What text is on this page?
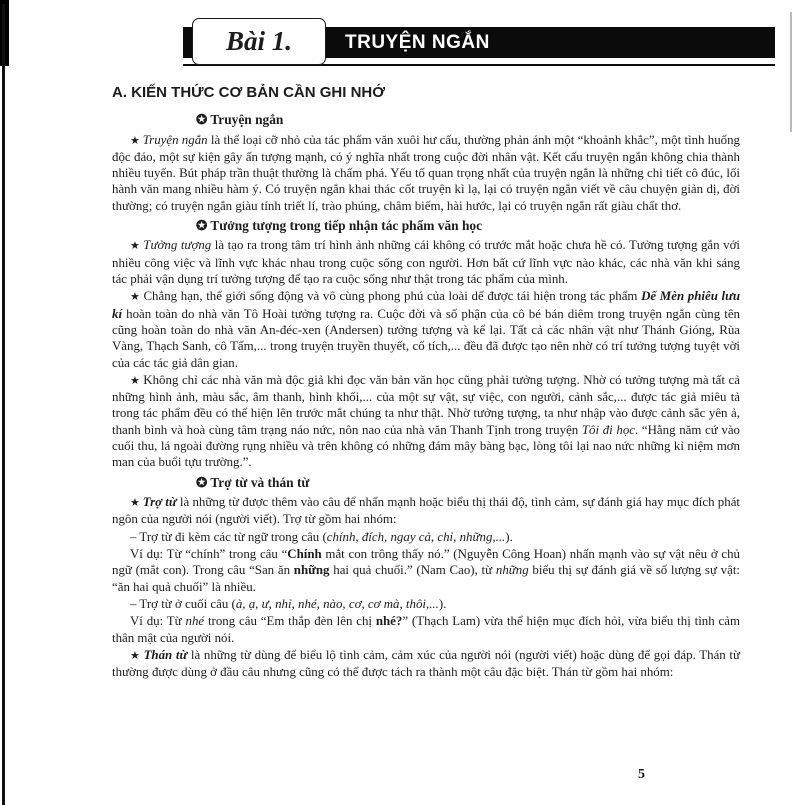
Bài 1.	TRUYỆN NGẮN
A. KIẾN THỨC CƠ BẢN CẦN GHI NHỚ
✪ Truyện ngắn
★ Truyện ngắn là thể loại cỡ nhỏ của tác phẩm văn xuôi hư cấu, thường phản ánh một “khoảnh khắc”, một tình huống độc đáo, một sự kiện gây ấn tượng mạnh, có ý nghĩa nhất trong cuộc đời nhân vật. Kết cấu truyện ngắn không chia thành nhiều tuyến. Bút pháp trần thuật thường là chấm phá. Yếu tố quan trọng nhất của truyện ngắn là những chi tiết cô đúc, lối hành văn mang nhiều hàm ý. Có truyện ngắn khai thác cốt truyện kì lạ, lại có truyện ngắn viết về câu chuyện giản dị, đời thường; có truyện ngắn giàu tính triết lí, trào phúng, châm biếm, hài hước, lại có truyện ngắn rất giàu chất thơ.
✪ Tưởng tượng trong tiếp nhận tác phẩm văn học
★ Tưởng tượng là tạo ra trong tâm trí hình ảnh những cái không có trước mắt hoặc chưa hề có. Tưởng tượng gắn với nhiều công việc và lĩnh vực khác nhau trong cuộc sống con người. Hơn bất cứ lĩnh vực nào khác, các nhà văn khi sáng tác phải vận dụng trí tưởng tượng để tạo ra cuộc sống như thật trong tác phẩm của mình.
★ Chẳng hạn, thế giới sống động và vô cùng phong phú của loài dế được tái hiện trong tác phẩm Dế Mèn phiêu lưu kí hoàn toàn do nhà văn Tô Hoài tưởng tượng ra. Cuộc đời và số phận của cô bé bán diêm trong truyện ngắn cùng tên cũng hoàn toàn do nhà văn An-đéc-xen (Andersen) tưởng tượng và kể lại. Tất cả các nhân vật như Thánh Gióng, Rùa Vàng, Thạch Sanh, cô Tấm,... trong truyện truyền thuyết, cổ tích,... đều đã được tạo nên nhờ có trí tưởng tượng tuyệt vời của các tác giả dân gian.
★ Không chỉ các nhà văn mà độc giả khi đọc văn bản văn học cũng phải tưởng tượng. Nhờ có tưởng tượng mà tất cả những hình ảnh, màu sắc, âm thanh, hình khối,... của một sự vật, sự việc, con người, cảnh sắc,... được tác giả miêu tả trong tác phẩm đều có thể hiện lên trước mắt chúng ta như thật. Nhờ tưởng tượng, ta như nhập vào được cảnh sắc yên ả, thanh bình và hoà cùng tâm trạng náo nức, nôn nao của nhà văn Thanh Tịnh trong truyện Tôi đi học. “Hằng năm cứ vào cuối thu, lá ngoài đường rụng nhiều và trên không có những đám mây bàng bạc, lòng tôi lại nao nức những kỉ niệm mơn man của buổi tựu trường.”.
✪ Trợ từ và thán từ
★ Trợ từ là những từ được thêm vào câu để nhấn mạnh hoặc biểu thị thái độ, tình cảm, sự đánh giá hay mục đích phát ngôn của người nói (người viết). Trợ từ gồm hai nhóm:
– Trợ từ đi kèm các từ ngữ trong câu (chính, đích, ngay cả, chỉ, những,...).
Ví dụ: Từ “chính” trong câu “Chính mắt con trông thấy nó.” (Nguyễn Công Hoan) nhấn mạnh vào sự vật nêu ở chủ ngữ (mắt con). Trong câu “San ăn những hai quả chuối.” (Nam Cao), từ những biểu thị sự đánh giá về số lượng sự vật: “ăn hai quả chuối” là nhiều.
– Trợ từ ở cuối câu (à, ạ, ư, nhỉ, nhé, nào, cơ, cơ mà, thôi,...).
Ví dụ: Từ nhé trong câu “Em thắp đèn lên chị nhé?” (Thạch Lam) vừa thể hiện mục đích hỏi, vừa biểu thị tình cảm thân mật của người nói.
★ Thán từ là những từ dùng để biểu lộ tình cảm, cảm xúc của người nói (người viết) hoặc dùng để gọi đáp. Thán từ thường được dùng ở đầu câu nhưng cũng có thể được tách ra thành một câu đặc biệt. Thán từ gồm hai nhóm:
5
